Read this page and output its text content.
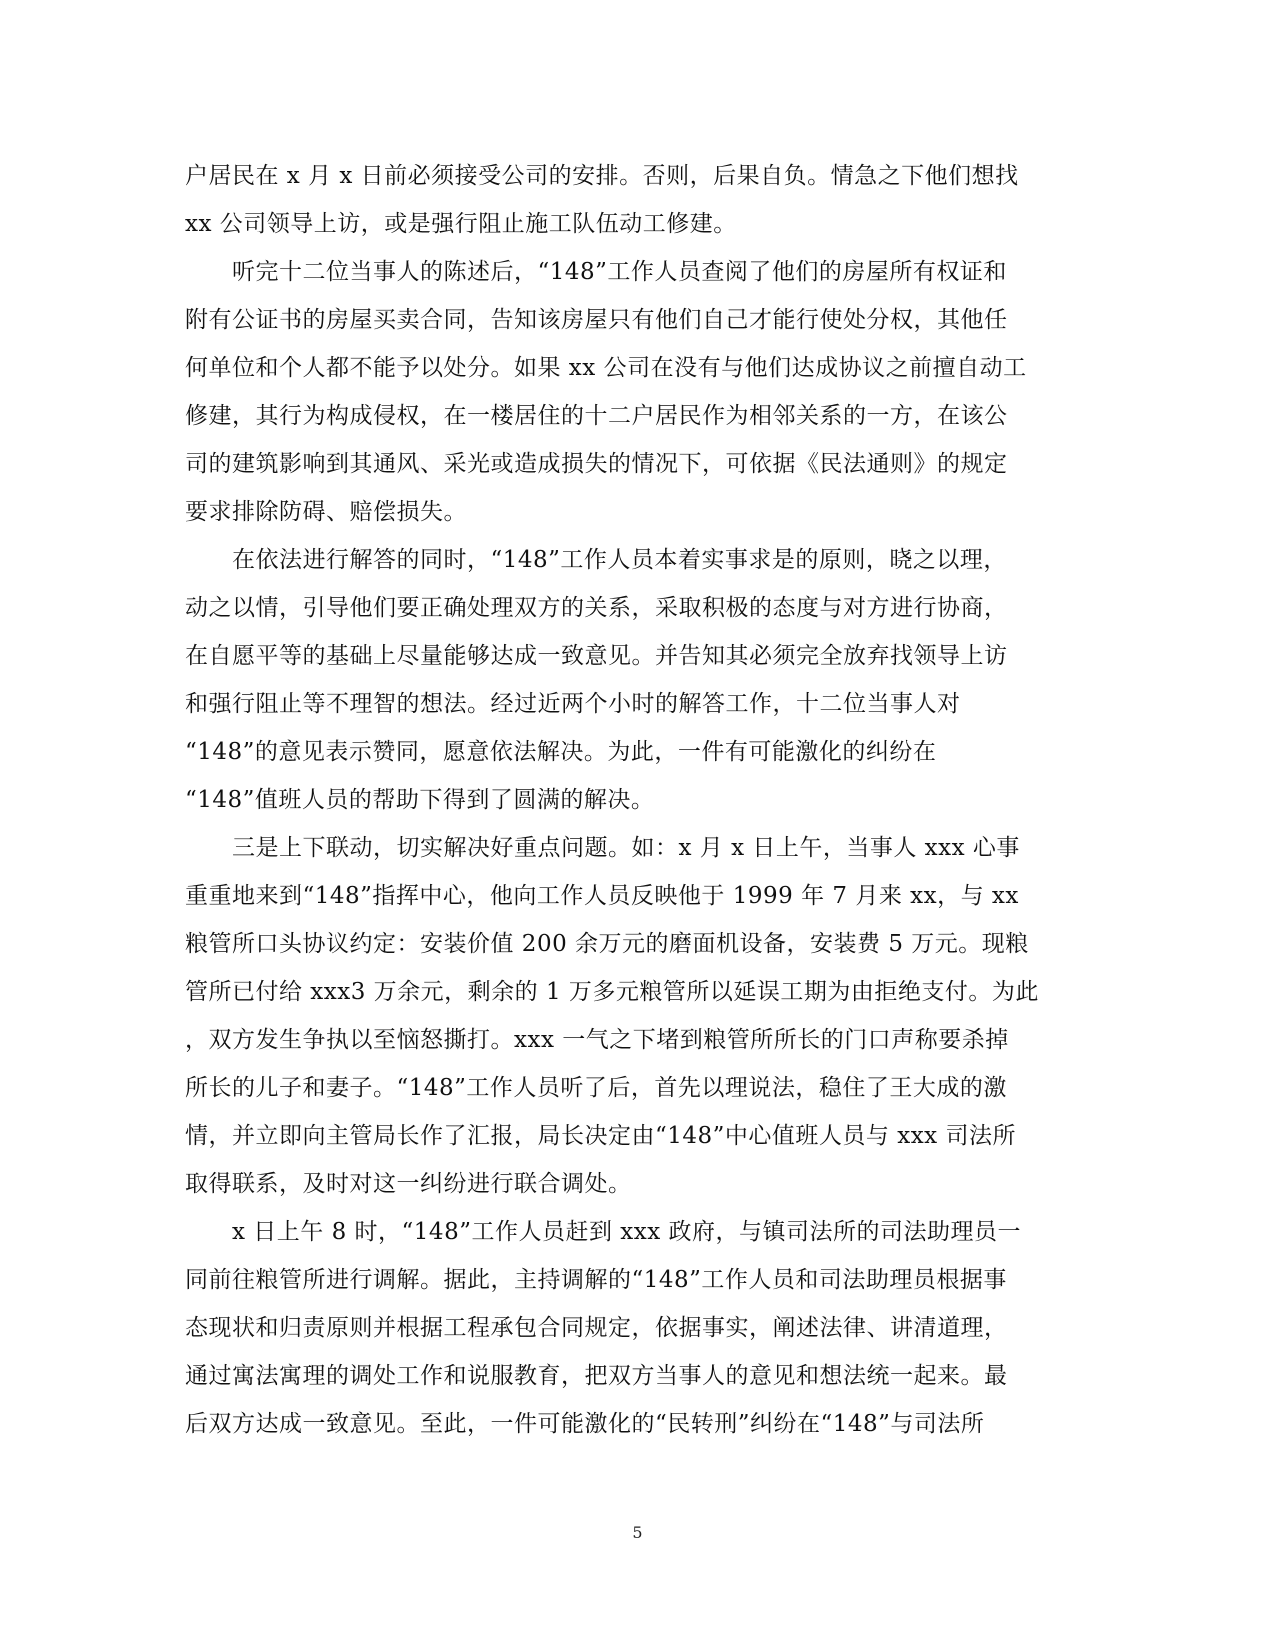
户居民在 x 月 x 日前必须接受公司的安排。否则，后果自负。情急之下他们想找
xx 公司领导上访，或是强行阻止施工队伍动工修建。
　　听完十二位当事人的陈述后，“148”工作人员查阅了他们的房屋所有权证和
附有公证书的房屋买卖合同，告知该房屋只有他们自己才能行使处分权，其他任
何单位和个人都不能予以处分。如果 xx 公司在没有与他们达成协议之前擅自动工
修建，其行为构成侵权，在一楼居住的十二户居民作为相邻关系的一方，在该公
司的建筑影响到其通风、采光或造成损失的情况下，可依据《民法通则》的规定
要求排除防碍、赔偿损失。
　　在依法进行解答的同时，“148”工作人员本着实事求是的原则，晓之以理，
动之以情，引导他们要正确处理双方的关系，采取积极的态度与对方进行协商，
在自愿平等的基础上尽量能够达成一致意见。并告知其必须完全放弃找领导上访
和强行阻止等不理智的想法。经过近两个小时的解答工作，十二位当事人对
“148”的意见表示赞同，愿意依法解决。为此，一件有可能激化的纠纷在
“148”值班人员的帮助下得到了圆满的解决。
　　三是上下联动，切实解决好重点问题。如：x 月 x 日上午，当事人 xxx 心事
重重地来到“148”指挥中心，他向工作人员反映他于 1999 年 7 月来 xx，与 xx
粮管所口头协议约定：安装价值 200 余万元的磨面机设备，安装费 5 万元。现粮
管所已付给 xxx3 万余元，剩余的 1 万多元粮管所以延误工期为由拒绝支付。为此
，双方发生争执以至恼怒撕打。xxx 一气之下堵到粮管所所长的门口声称要杀掉
所长的儿子和妻子。“148”工作人员听了后，首先以理说法，稳住了王大成的激
情，并立即向主管局长作了汇报，局长决定由“148”中心值班人员与 xxx 司法所
取得联系，及时对这一纠纷进行联合调处。
　　x 日上午 8 时，“148”工作人员赶到 xxx 政府，与镇司法所的司法助理员一
同前往粮管所进行调解。据此，主持调解的“148”工作人员和司法助理员根据事
态现状和归责原则并根据工程承包合同规定，依据事实，阐述法律、讲清道理，
通过寓法寓理的调处工作和说服教育，把双方当事人的意见和想法统一起来。最
后双方达成一致意见。至此，一件可能激化的“民转刑”纠纷在“148”与司法所
5
